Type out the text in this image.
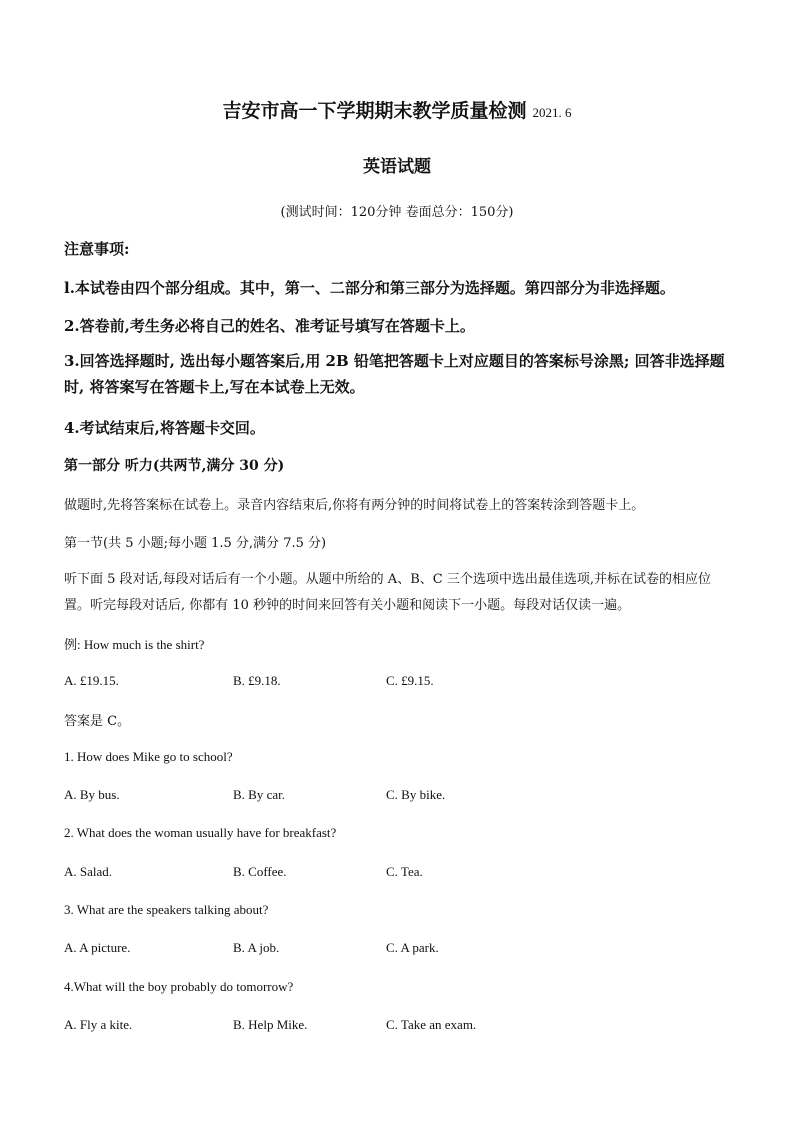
吉安市高一下学期期末教学质量检测 2021. 6
英语试题
(测试时间：120分钟 卷面总分：150分)
注意事项:
l.本试卷由四个部分组成。其中，第一、二部分和第三部分为选择题。第四部分为非选择题。
2.答卷前,考生务必将自己的姓名、准考证号填写在答题卡上。
3.回答选择题时, 选出每小题答案后,用 2B 铅笔把答题卡上对应题目的答案标号涂黑; 回答非选择题时, 将答案写在答题卡上,写在本试卷上无效。
4.考试结束后,将答题卡交回。
第一部分 听力(共两节,满分 30 分)
做题时,先将答案标在试卷上。录音内容结束后,你将有两分钟的时间将试卷上的答案转涂到答题卡上。
第一节(共 5 小题;每小题 1.5 分,满分 7.5 分)
听下面 5 段对话,每段对话后有一个小题。从题中所给的 A、B、C 三个选项中选出最佳选项,并标在试卷的相应位置。听完每段对话后, 你都有 10 秒钟的时间来回答有关小题和阅读下一小题。每段对话仅读一遍。
例: How much is the shirt?
A. £19.15.	B. £9.18.	C. £9.15.
答案是 C。
1. How does Mike go to school?
A. By bus.	B. By car.	C. By bike.
2. What does the woman usually have for breakfast?
A. Salad.	B. Coffee.	C. Tea.
3. What are the speakers talking about?
A. A picture.	B. A job.	C. A park.
4.What will the boy probably do tomorrow?
A. Fly a kite.	B. Help Mike.	C. Take an exam.
